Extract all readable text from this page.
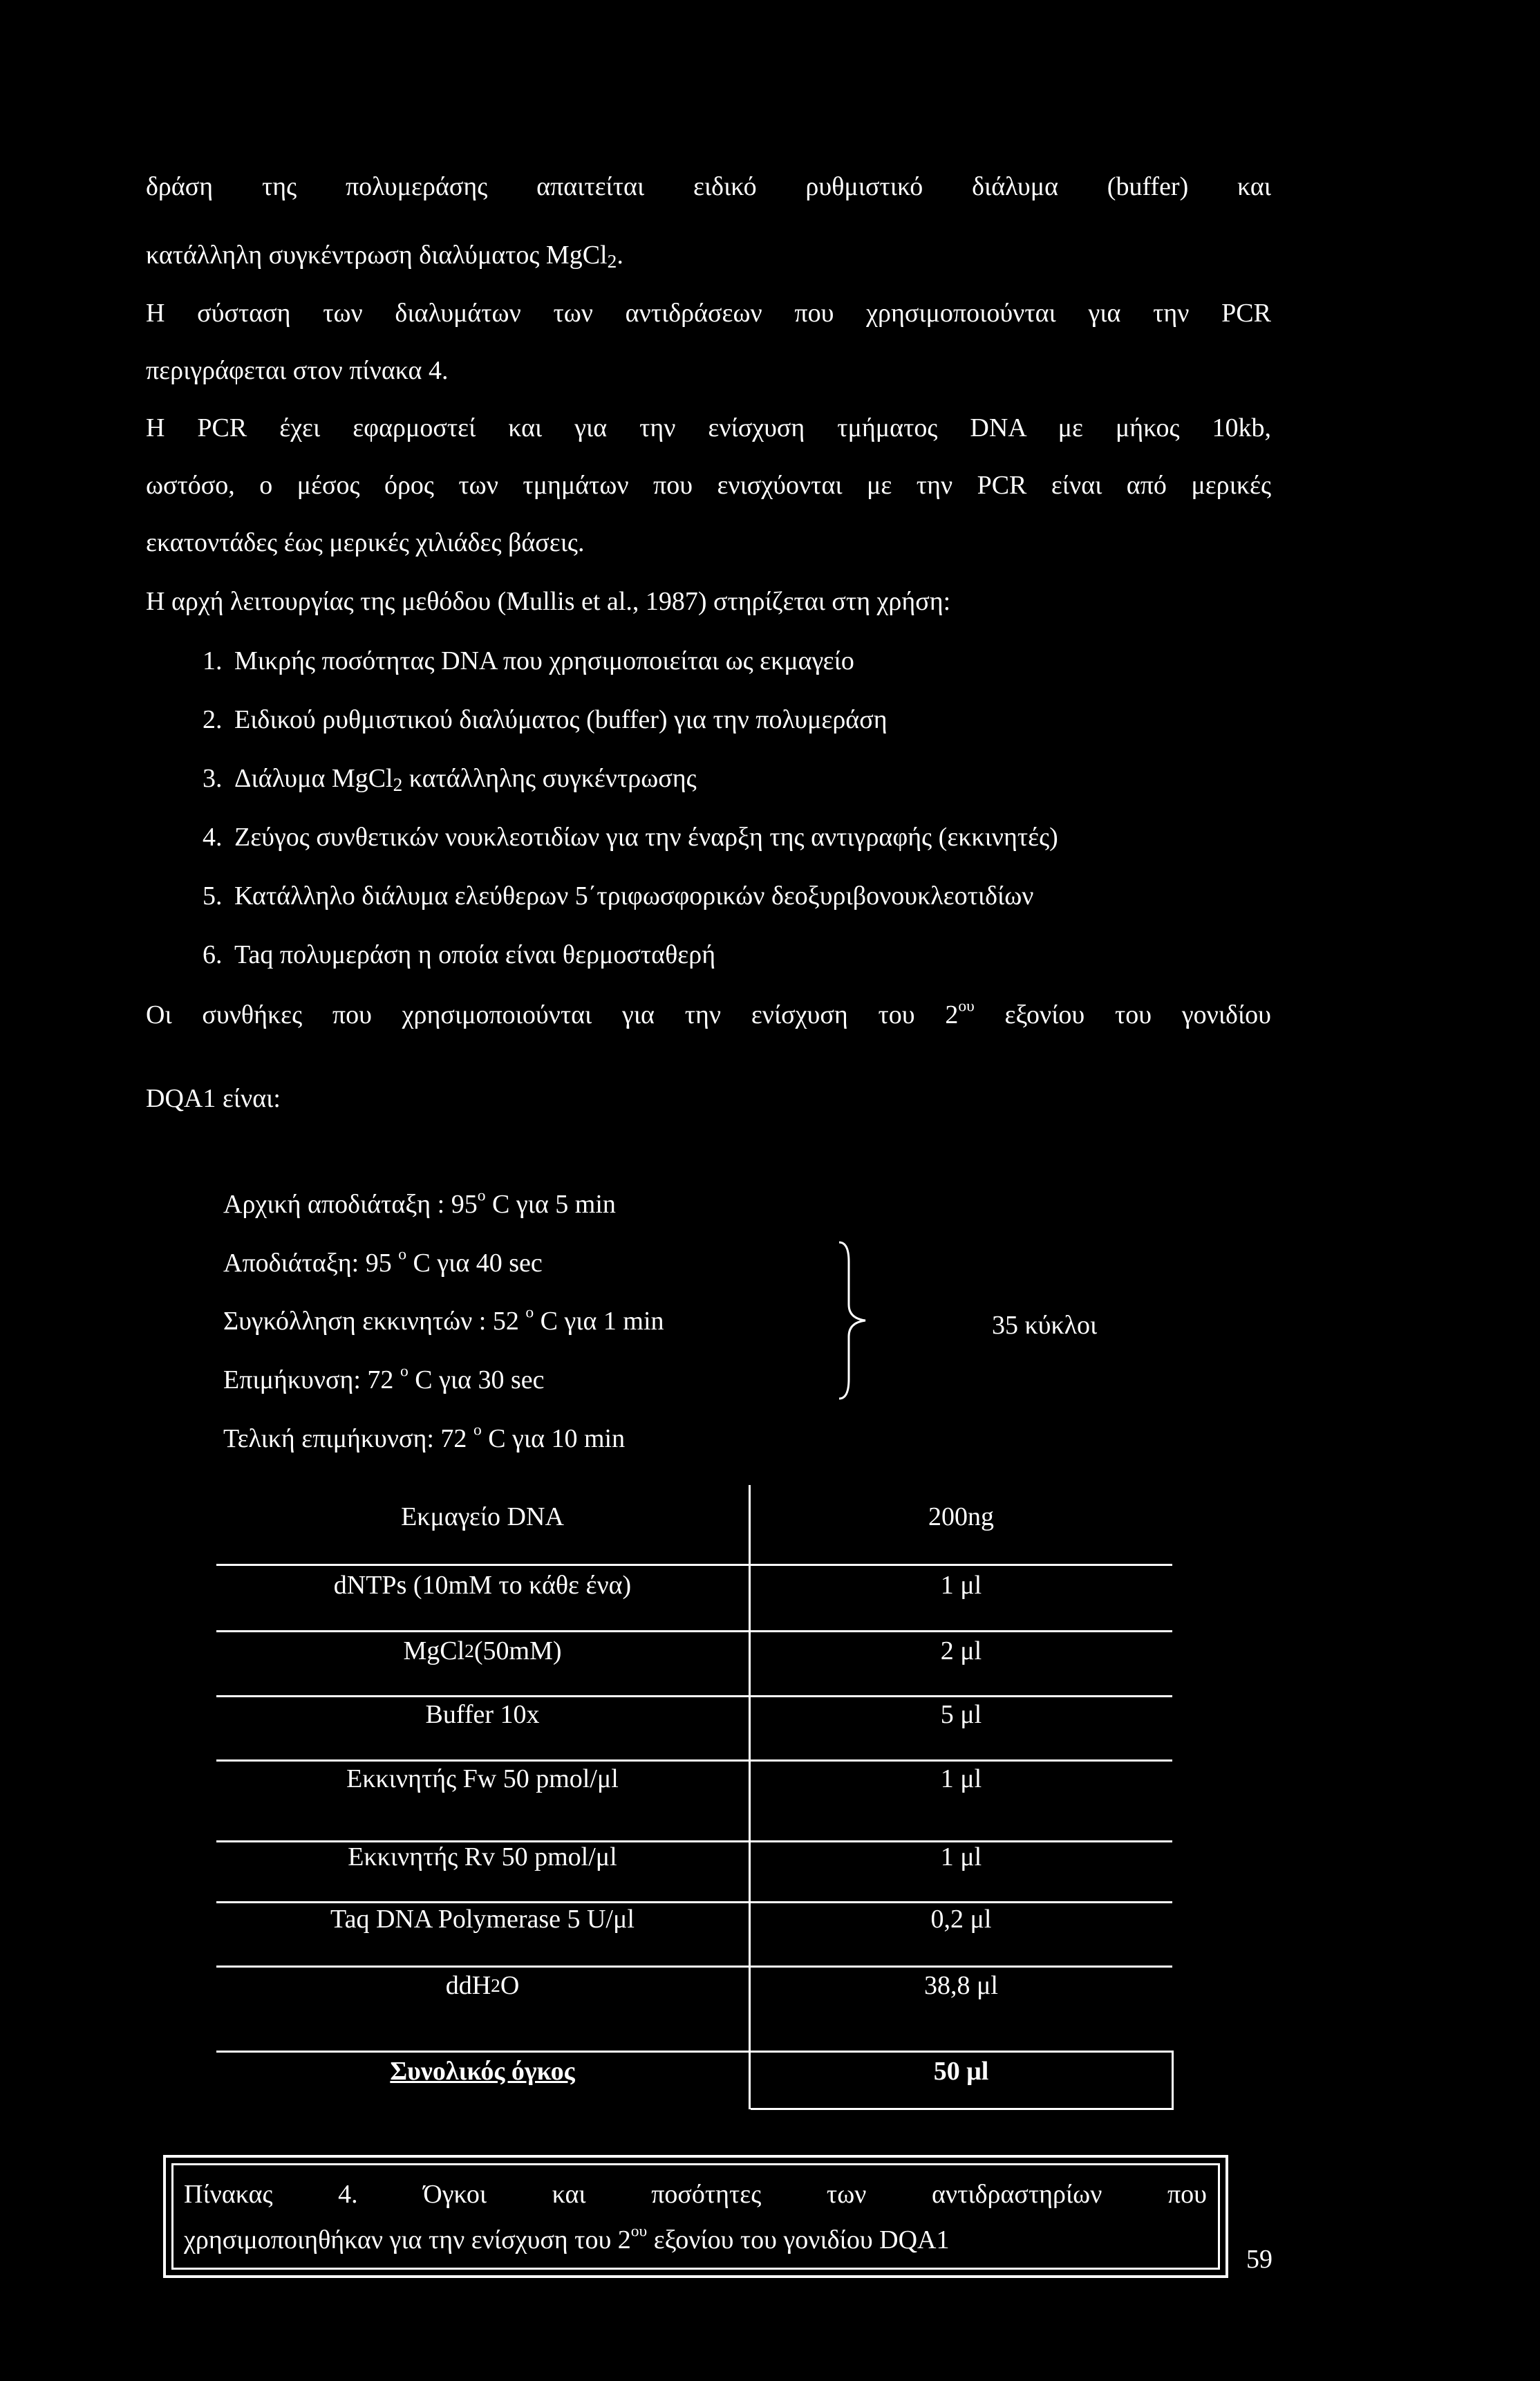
δράση της πολυμεράσης απαιτείται ειδικό ρυθμιστικό διάλυμα (buffer) και
κατάλληλη συγκέντρωση διαλύματος MgCl$_2$.
Η σύσταση των διαλυμάτων των αντιδράσεων που χρησιμοποιούνται για την PCR
περιγράφεται στον πίνακα 4.
Η PCR έχει εφαρμοστεί και για την ενίσχυση τμήματος DNA με μήκος 10kb,
ωστόσο, ο μέσος όρος των τμημάτων που ενισχύονται με την PCR είναι από μερικές
εκατοντάδες έως μερικές χιλιάδες βάσεις.
Η αρχή λειτουργίας της μεθόδου (Mullis et al., 1987) στηρίζεται στη χρήση:
1. Μικρής ποσότητας DNA που χρησιμοποιείται ως εκμαγείο
2. Ειδικού ρυθμιστικού διαλύματος (buffer) για την πολυμεράση
3. Διάλυμα MgCl$_2$ κατάλληλης συγκέντρωσης
4. Ζεύγος συνθετικών νουκλεοτιδίων για την έναρξη της αντιγραφής (εκκινητές)
5. Κατάλληλο διάλυμα ελεύθερων 5΄τριφωσφορικών δεοξυριβονουκλεοτιδίων
6. Taq πολυμεράση η οποία είναι θερμοσταθερή
Οι συνθήκες που χρησιμοποιούνται για την ενίσχυση του $2^{o\upsilon}$ εξονίου του γονιδίου
DQA1 είναι:
Αρχική αποδιάταξη : $95^o$ C για 5 min
Αποδιάταξη: 95 $^o$ C για 40 sec
Συγκόλληση εκκινητών : 52 $^o$ C για 1 min
Επιμήκυνση: 72 $^o$ C για 30 sec
Τελική επιμήκυνση: 72 $^o$ C για 10 min
35 κύκλοι
Εκμαγείο DNA	200ng
dNTPs (10mM το κάθε ένα)	1 μl
MgCl 2 (50mM)	2 μl
Buffer 10x	5 μl
Εκκινητής Fw 50 pmol/μl	1 μl
Εκκινητής Rv 50 pmol/μl	1 μl
Taq DNA Polymerase 5 U/μl	0,2 μl
ddH 2 O	38,8 μl
Συνολικός όγκος	50 μl
Πίνακας 4. Όγκοι και ποσότητες των αντιδραστηρίων που
χρησιμοποιηθήκαν για την ενίσχυση του $2^{o\upsilon}$ εξονίου του γονιδίου DQA1
59
